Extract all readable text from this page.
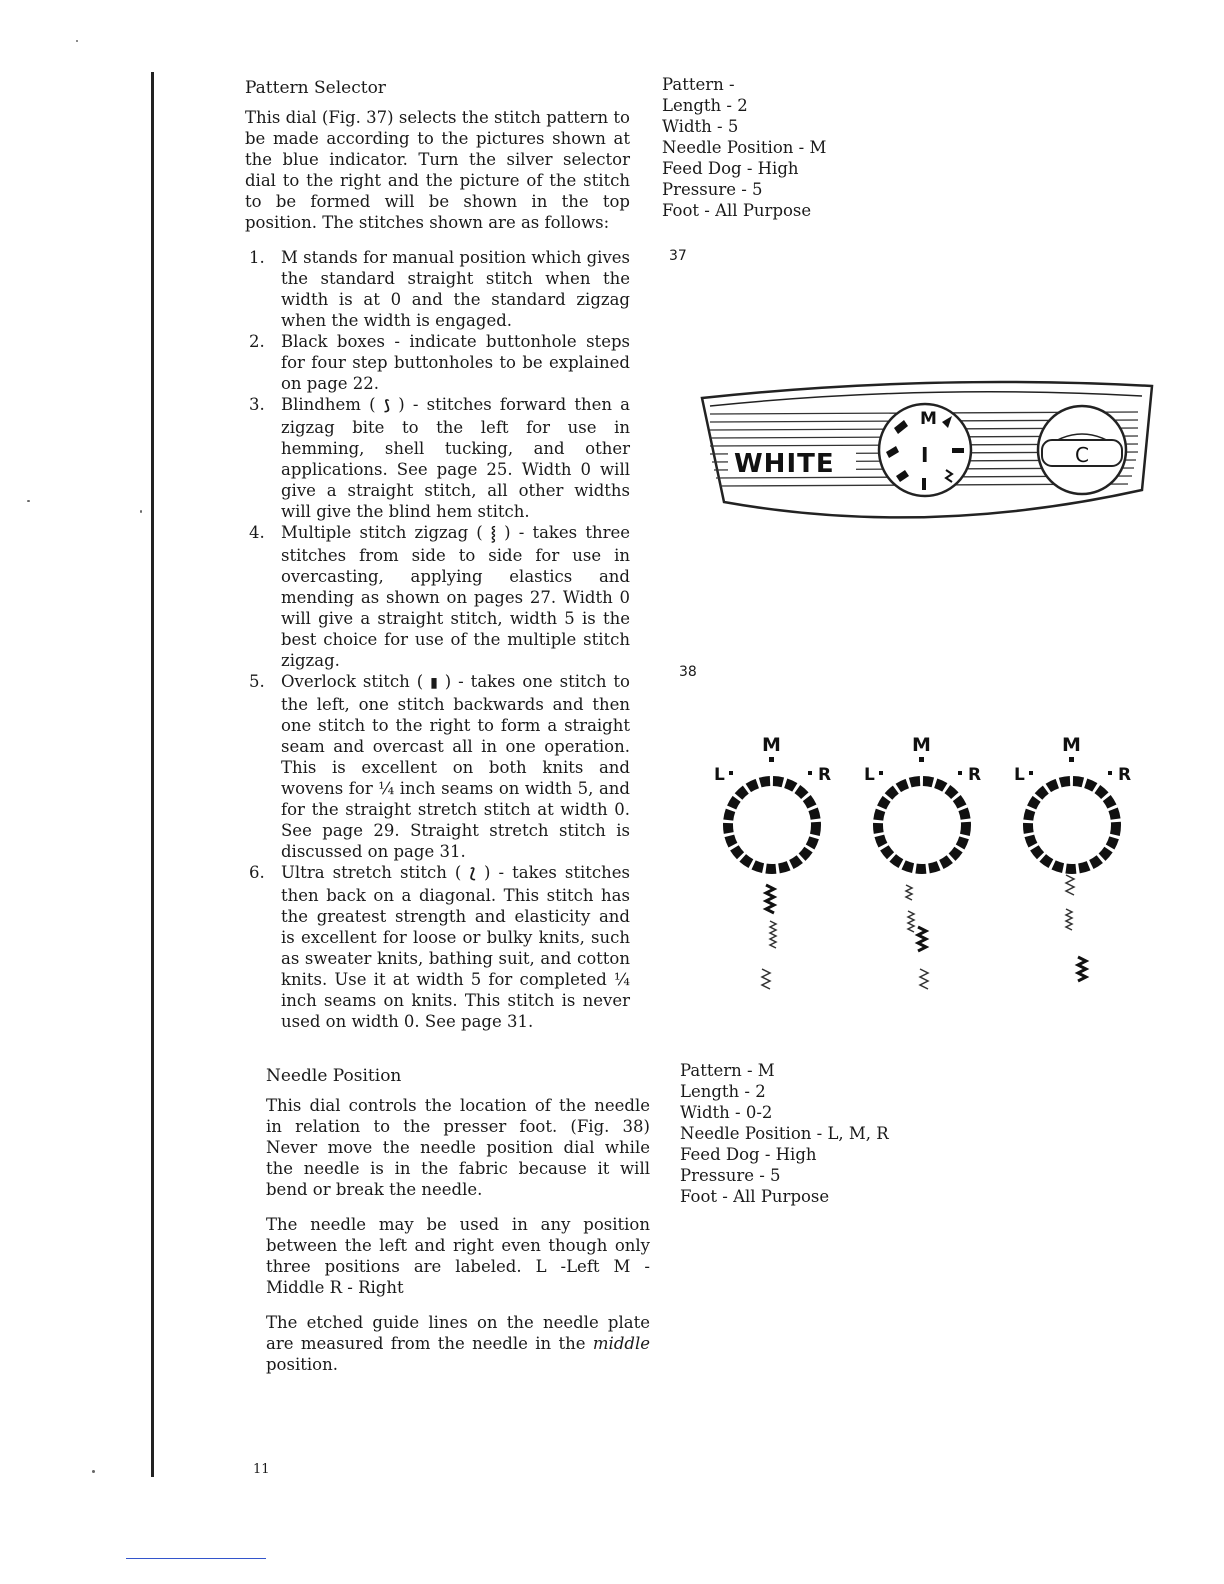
Pattern Selector

This dial (Fig. 37) selects the stitch pattern to be made according to the pictures shown at the blue indicator. Turn the silver selector dial to the right and the picture of the stitch to be formed will be shown in the top position. The stitches shown are as follows:

1. M stands for manual position which gives the standard straight stitch when the width is at 0 and the standard zigzag when the width is engaged.
2. Black boxes - indicate buttonhole steps for four step buttonholes to be explained on page 22.
3. Blindhem ( ⟆ ) - stitches forward then a zigzag bite to the left for use in hemming, shell tucking, and other applications. See page 25. Width 0 will give a straight stitch, all other widths will give the blind hem stitch.
4. Multiple stitch zigzag ( ⸾ ) - takes three stitches from side to side for use in overcasting, applying elastics and mending as shown on pages 27. Width 0 will give a straight stitch, width 5 is the best choice for use of the multiple stitch zigzag.
5. Overlock stitch ( ▮ ) - takes one stitch to the left, one stitch backwards and then one stitch to the right to form a straight seam and overcast all in one operation. This is excellent on both knits and wovens for ¼ inch seams on width 5, and for the straight stretch stitch at width 0. See page 29. Straight stretch stitch is discussed on page 31.
6. Ultra stretch stitch ( ⟅ ) - takes stitches then back on a diagonal. This stitch has the greatest strength and elasticity and is excellent for loose or bulky knits, such as sweater knits, bathing suit, and cotton knits. Use it at width 5 for completed ¼ inch seams on knits. This stitch is never used on width 0. See page 31.
Needle Position

This dial controls the location of the needle in relation to the presser foot. (Fig. 38) Never move the needle position dial while the needle is in the fabric because it will bend or break the needle.

The needle may be used in any position between the left and right even though only three positions are labeled. L -Left M - Middle R - Right

The etched guide lines on the needle plate are measured from the needle in the middle position.

11
Pattern -
Length - 2
Width - 5
Needle Position - M
Feed Dog - High
Pressure - 5
Foot - All Purpose
37
WHITE
M
I	C
38
M
L	R
M
L	R
M
L	R
Pattern - M
Length - 2
Width - 0-2
Needle Position - L, M, R
Feed Dog - High
Pressure - 5
Foot - All Purpose
